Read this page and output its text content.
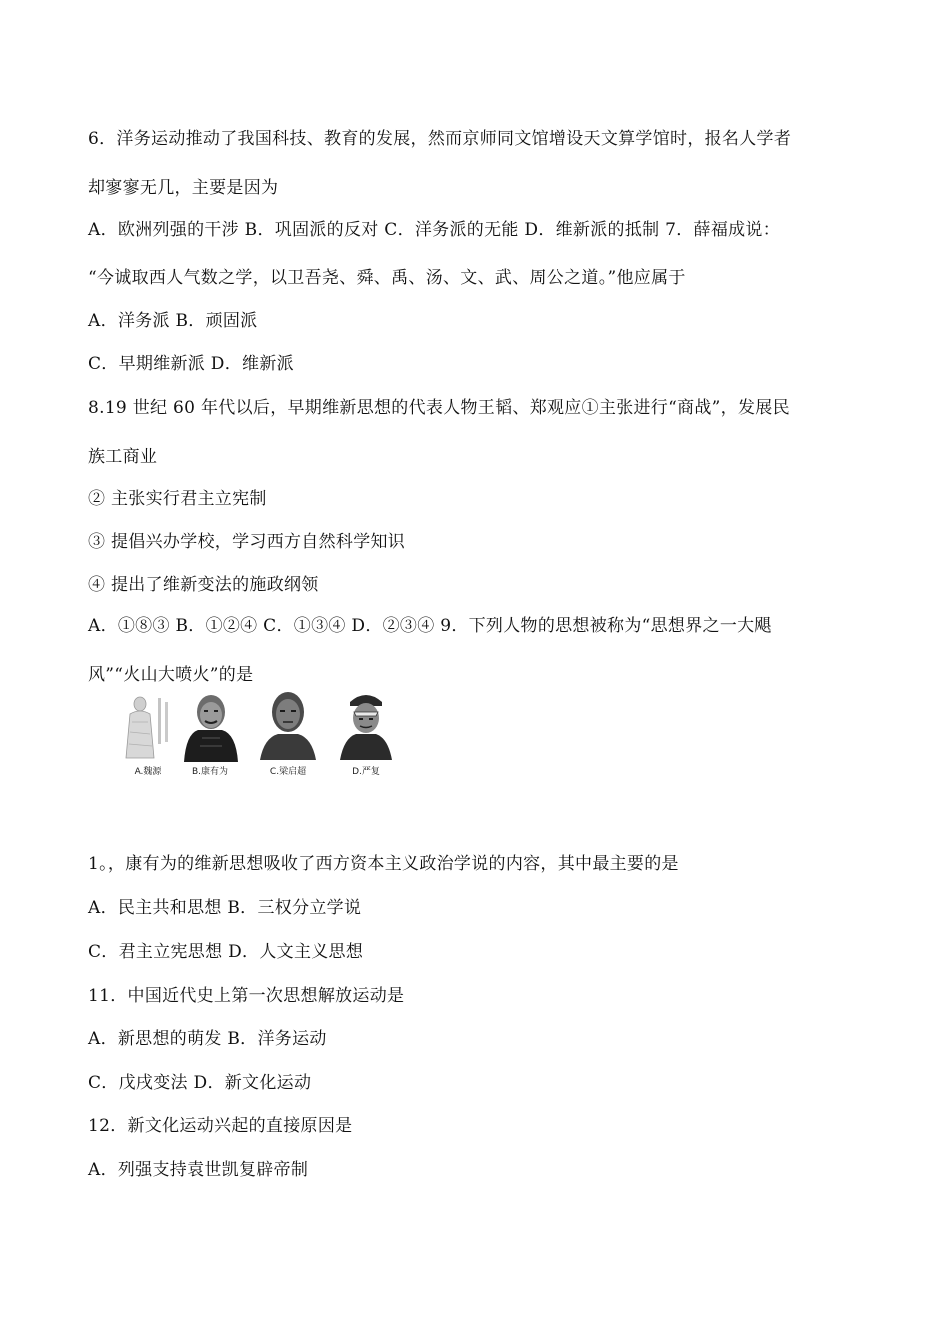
6．洋务运动推动了我国科技、教育的发展，然而京师同文馆增设天文算学馆时，报名人学者
却寥寥无几，主要是因为
A．欧洲列强的干涉 B．巩固派的反对 C．洋务派的无能 D．维新派的抵制 7．薛福成说：
“今诚取西人气数之学，以卫吾尧、舜、禹、汤、文、武、周公之道。”他应属于
A．洋务派 B．顽固派
C．早期维新派 D．维新派
8.19 世纪 60 年代以后，早期维新思想的代表人物王韬、郑观应①主张进行“商战”，发展民
族工商业
② 主张实行君主立宪制
③ 提倡兴办学校，学习西方自然科学知识
④ 提出了维新变法的施政纲领
A．①⑧③ B．①②④ C．①③④ D．②③④ 9．下列人物的思想被称为“思想界之一大飓
风”“火山大喷火”的是
A.魏源	B.康有为	C.梁启超	D.严复
1。，康有为的维新思想吸收了西方资本主义政治学说的内容，其中最主要的是
A．民主共和思想 B．三权分立学说
C．君主立宪思想 D．人文主义思想
11．中国近代史上第一次思想解放运动是
A．新思想的萌发 B．洋务运动
C．戊戌变法 D．新文化运动
12．新文化运动兴起的直接原因是
A．列强支持袁世凯复辟帝制
